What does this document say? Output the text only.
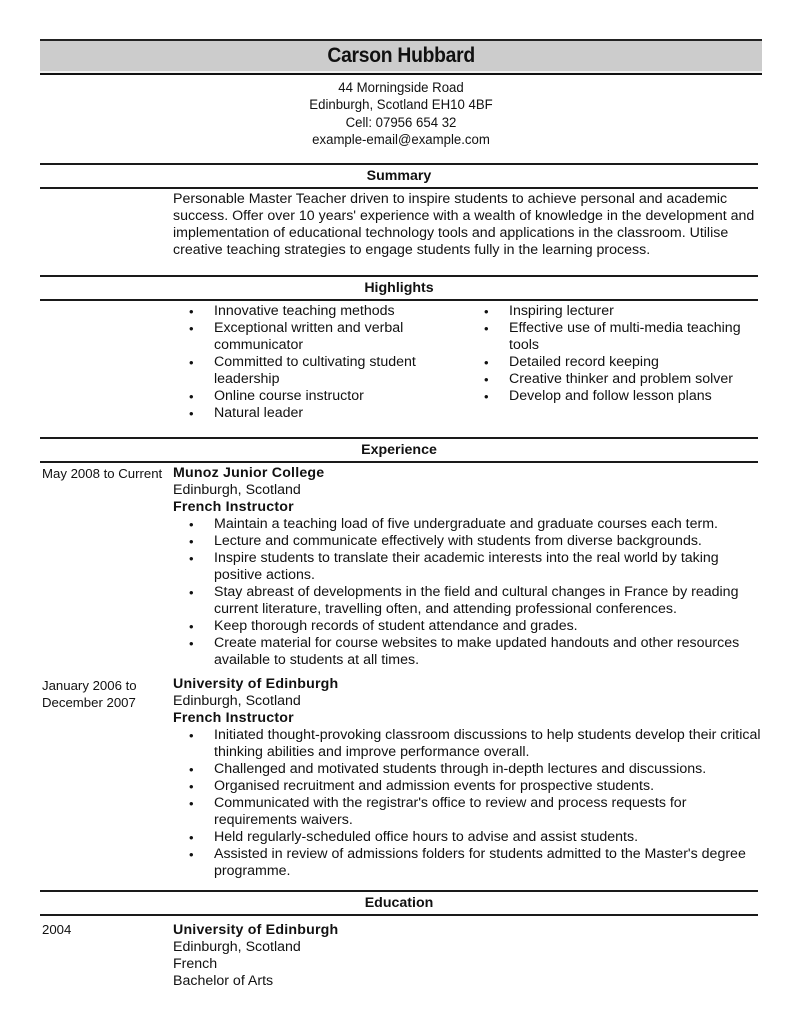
Carson Hubbard
44 Morningside Road
Edinburgh, Scotland EH10 4BF
Cell: 07956 654 32
example-email@example.com
Summary
Personable Master Teacher driven to inspire students to achieve personal and academic success. Offer over 10 years' experience with a wealth of knowledge in the development and implementation of educational technology tools and applications in the classroom. Utilise creative teaching strategies to engage students fully in the learning process.
Highlights
• Innovative teaching methods
• Exceptional written and verbal communicator
• Committed to cultivating student leadership
• Online course instructor
• Natural leader
• Inspiring lecturer
• Effective use of multi-media teaching tools
• Detailed record keeping
• Creative thinker and problem solver
• Develop and follow lesson plans
Experience
May 2008 to Current Munoz Junior College
Edinburgh, Scotland
French Instructor
• Maintain a teaching load of five undergraduate and graduate courses each term.
• Lecture and communicate effectively with students from diverse backgrounds.
• Inspire students to translate their academic interests into the real world by taking positive actions.
• Stay abreast of developments in the field and cultural changes in France by reading current literature, travelling often, and attending professional conferences.
• Keep thorough records of student attendance and grades.
• Create material for course websites to make updated handouts and other resources available to students at all times.
January 2006 to
December 2007
University of Edinburgh
Edinburgh, Scotland
French Instructor
• Initiated thought-provoking classroom discussions to help students develop their critical thinking abilities and improve performance overall.
• Challenged and motivated students through in-depth lectures and discussions.
• Organised recruitment and admission events for prospective students.
• Communicated with the registrar's office to review and process requests for requirements waivers.
• Held regularly-scheduled office hours to advise and assist students.
• Assisted in review of admissions folders for students admitted to the Master's degree programme.
Education
2004	University of Edinburgh
Edinburgh, Scotland
French
Bachelor of Arts
